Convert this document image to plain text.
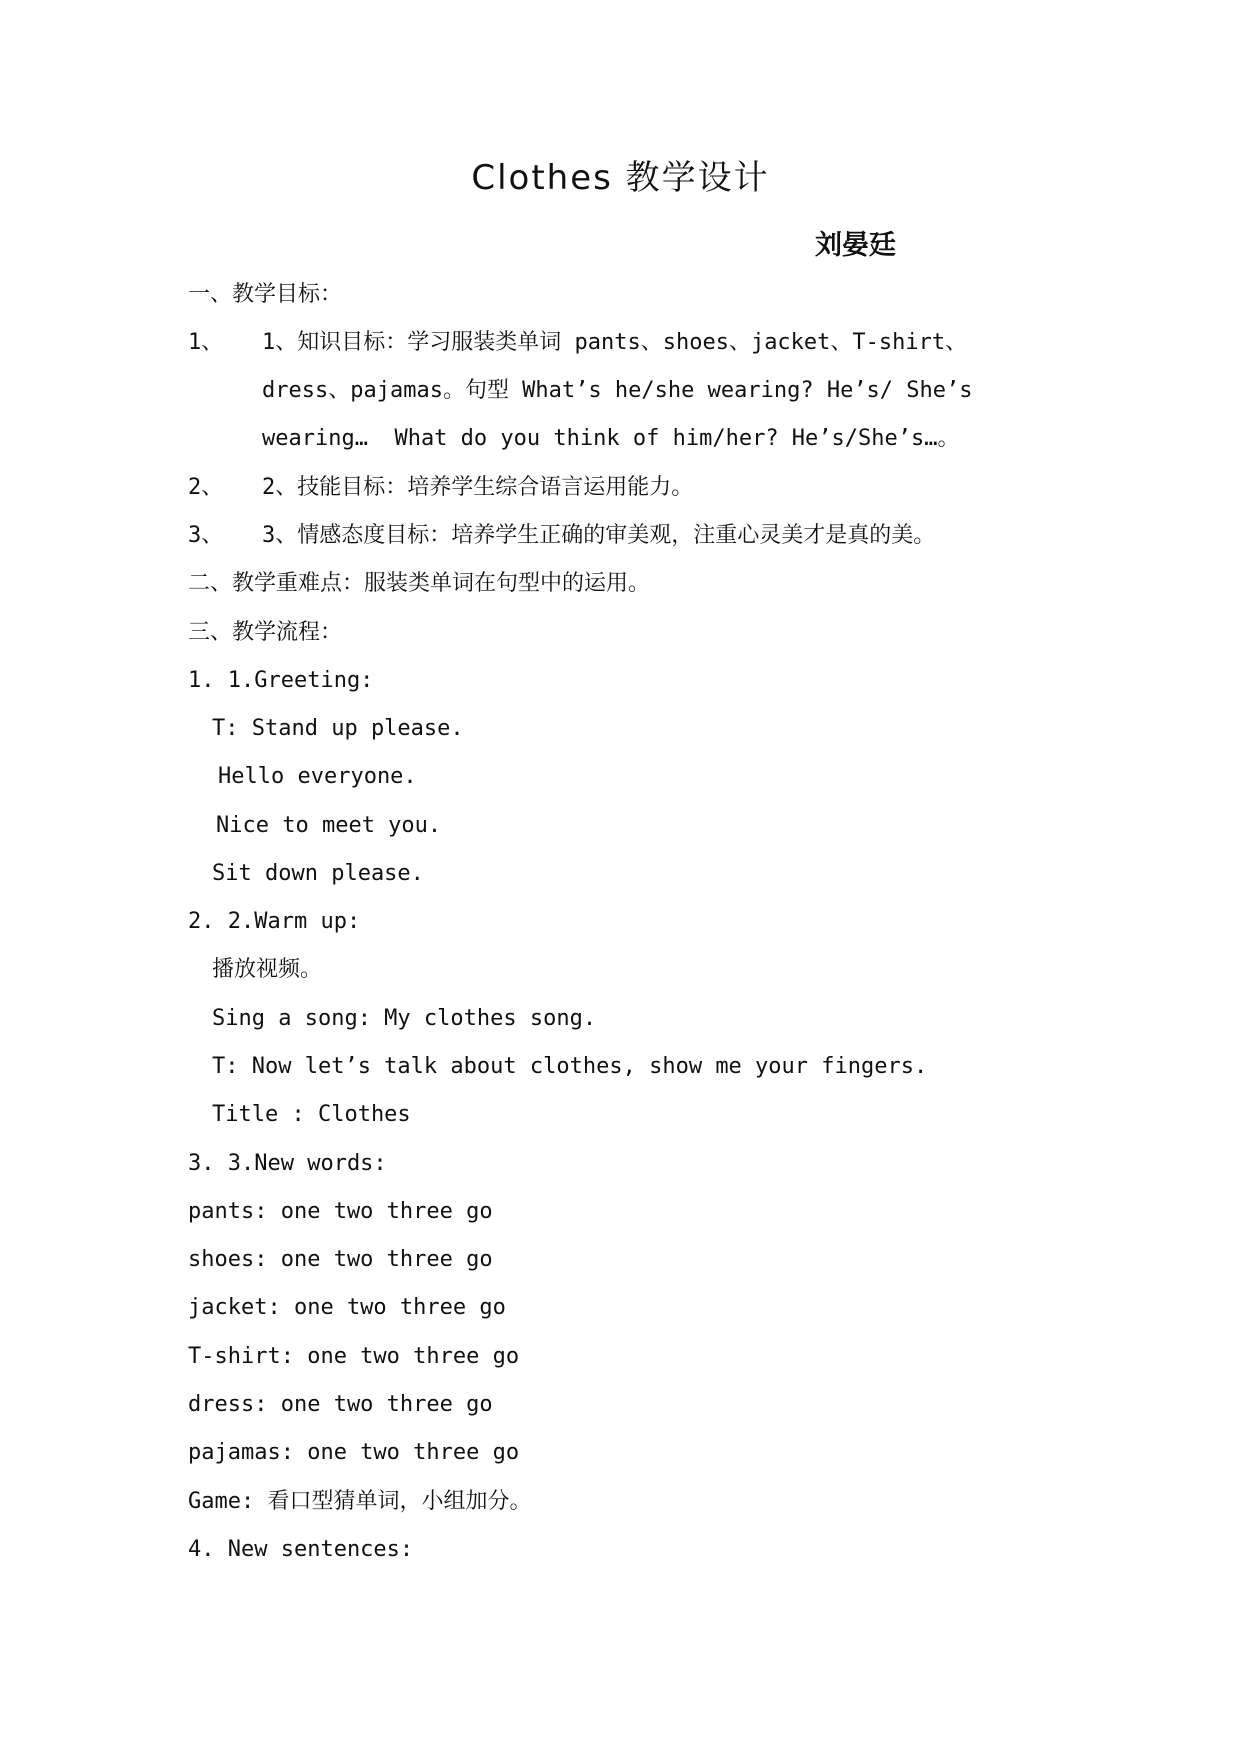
Clothes 教学设计
刘晏廷
一、教学目标：
1、 1、知识目标：学习服装类单词 pants、shoes、jacket、T-shirt、
dress、pajamas。句型 What’s he/she wearing? He’s/ She’s
wearing…  What do you think of him/her? He’s/She’s…。
2、 2、技能目标：培养学生综合语言运用能力。
3、 3、情感态度目标：培养学生正确的审美观，注重心灵美才是真的美。
二、教学重难点：服装类单词在句型中的运用。
三、教学流程：
1. 1.Greeting:
T: Stand up please.
Hello everyone.
Nice to meet you.
Sit down please.
2. 2.Warm up:
播放视频。
Sing a song: My clothes song.
T: Now let’s talk about clothes, show me your fingers.
Title : Clothes
3. 3.New words:
pants: one two three go
shoes: one two three go
jacket: one two three go
T-shirt: one two three go
dress: one two three go
pajamas: one two three go
Game: 看口型猜单词，小组加分。
4. New sentences:
